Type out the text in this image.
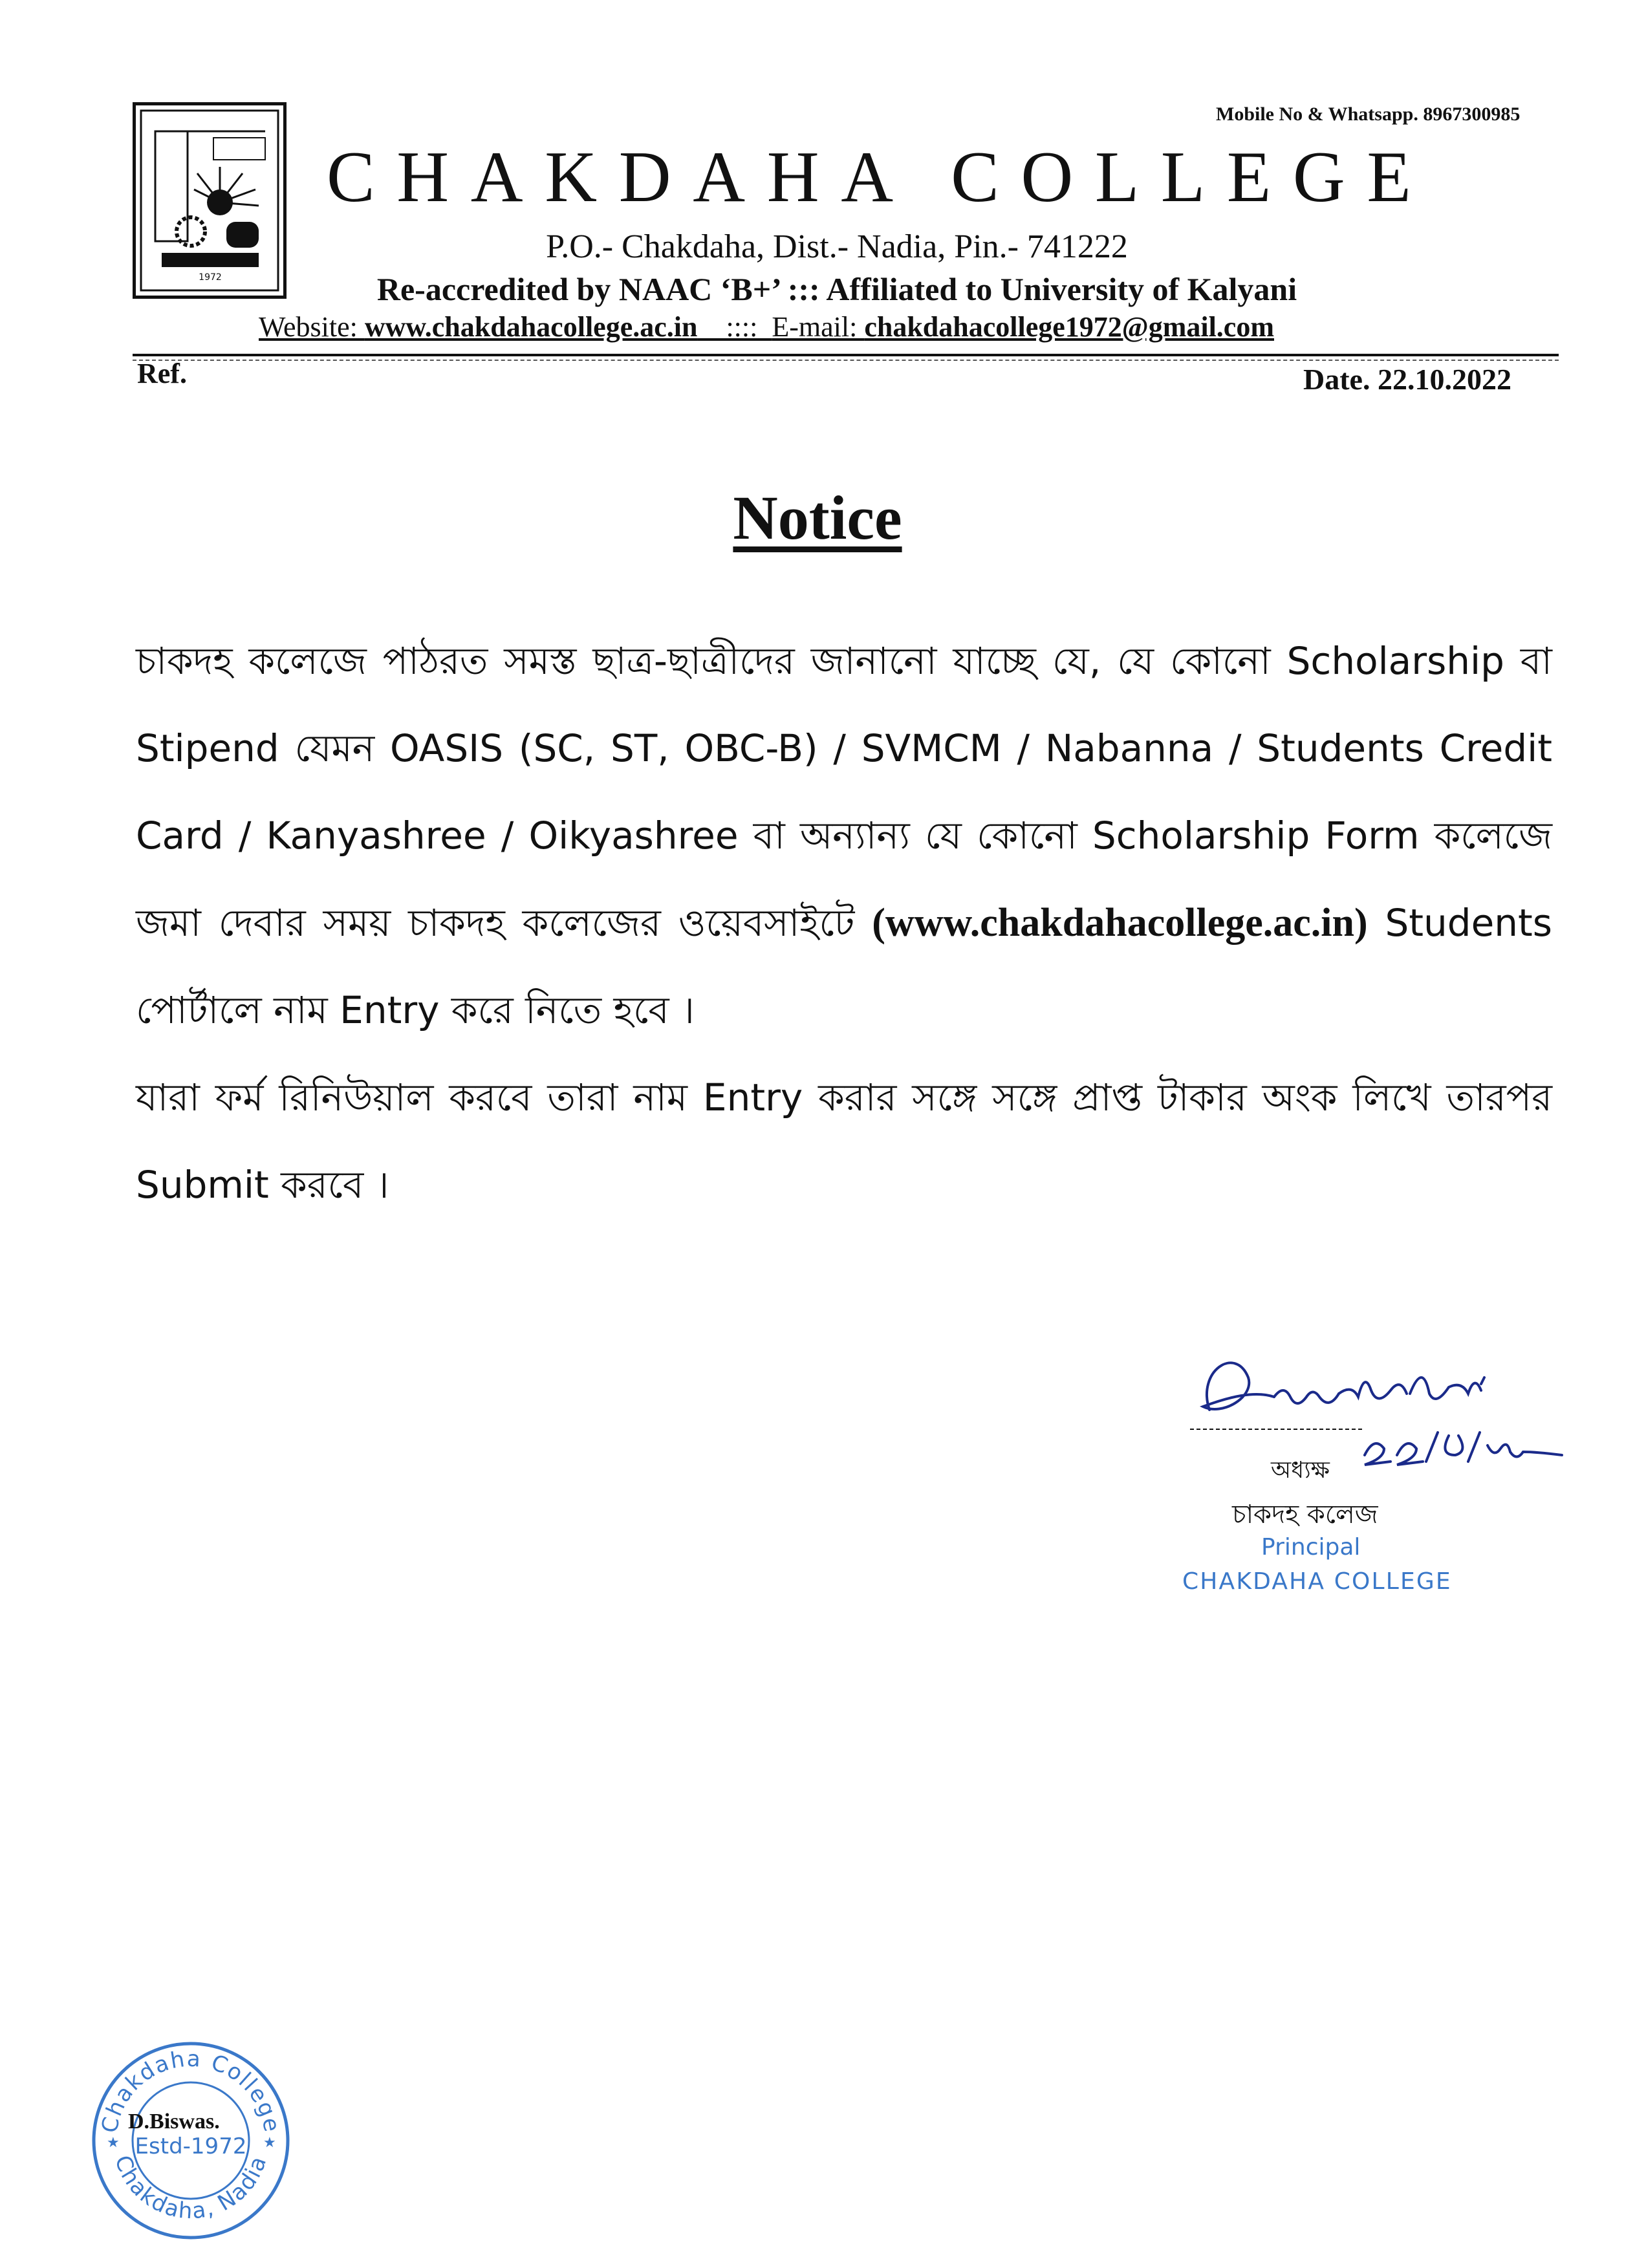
Mobile No & Whatsapp. 8967300985
1972
CHAKDAHA COLLEGE
P.O.- Chakdaha, Dist.- Nadia, Pin.- 741222
Re-accredited by NAAC ‘B+’ ::: Affiliated to University of Kalyani
Website: www.chakdahacollege.ac.in    ::::  E-mail: chakdahacollege1972@gmail.com
Ref.	Date. 22.10.2022
Notice

চাকদহ কলেজে পাঠরত সমস্ত ছাত্র-ছাত্রীদের জানানো যাচ্ছে যে, যে কোনো Scholarship বা Stipend যেমন OASIS (SC, ST, OBC-B) / SVMCM / Nabanna / Students Credit Card / Kanyashree / Oikyashree বা অন্যান্য যে কোনো Scholarship Form কলেজে জমা দেবার সময় চাকদহ কলেজের ওয়েবসাইটে (www.chakdahacollege.ac.in) Students পোর্টালে নাম Entry করে নিতে হবে ।

যারা ফর্ম রিনিউয়াল করবে তারা নাম Entry করার সঙ্গে সঙ্গে প্রাপ্ত টাকার অংক লিখে তারপর Submit করবে ।

অধ্যক্ষ
চাকদহ কলেজ
Principal
CHAKDAHA COLLEGE
Chakdaha College
Chakdaha, Nadia
Estd-1972
★	★
D.Biswas.
